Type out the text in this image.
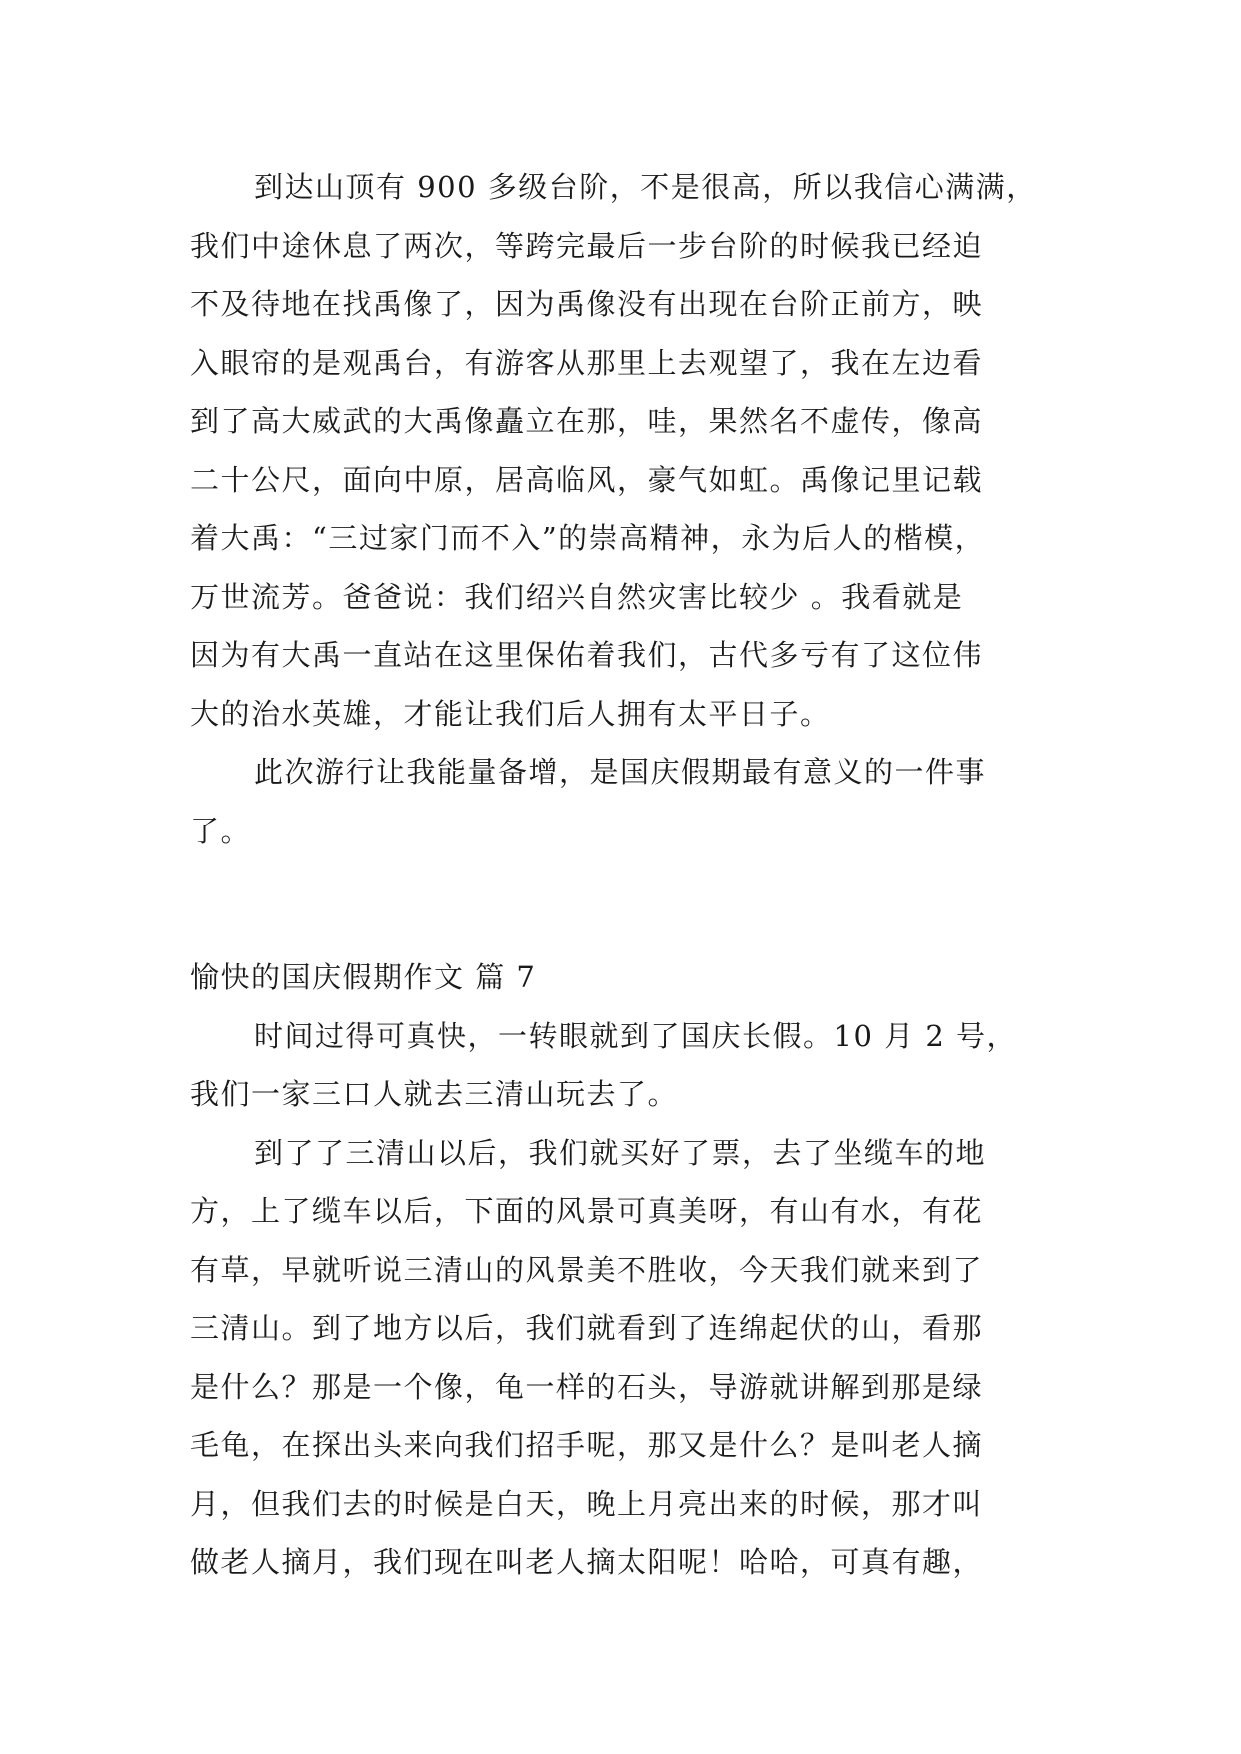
到达山顶有 900 多级台阶，不是很高，所以我信心满满，
我们中途休息了两次，等跨完最后一步台阶的时候我已经迫
不及待地在找禹像了，因为禹像没有出现在台阶正前方，映
入眼帘的是观禹台，有游客从那里上去观望了，我在左边看
到了高大威武的大禹像矗立在那，哇，果然名不虚传，像高
二十公尺，面向中原，居高临风，豪气如虹。禹像记里记载
着大禹：“三过家门而不入”的崇高精神，永为后人的楷模，
万世流芳。爸爸说：我们绍兴自然灾害比较少 。我看就是
因为有大禹一直站在这里保佑着我们，古代多亏有了这位伟
大的治水英雄，才能让我们后人拥有太平日子。
此次游行让我能量备增，是国庆假期最有意义的一件事
了。
愉快的国庆假期作文 篇 7
时间过得可真快，一转眼就到了国庆长假。10 月 2 号，
我们一家三口人就去三清山玩去了。
到了了三清山以后，我们就买好了票，去了坐缆车的地
方，上了缆车以后，下面的风景可真美呀，有山有水，有花
有草，早就听说三清山的风景美不胜收，今天我们就来到了
三清山。到了地方以后，我们就看到了连绵起伏的山，看那
是什么？那是一个像，龟一样的石头，导游就讲解到那是绿
毛龟，在探出头来向我们招手呢，那又是什么？是叫老人摘
月，但我们去的时候是白天，晚上月亮出来的时候，那才叫
做老人摘月，我们现在叫老人摘太阳呢！哈哈，可真有趣，
